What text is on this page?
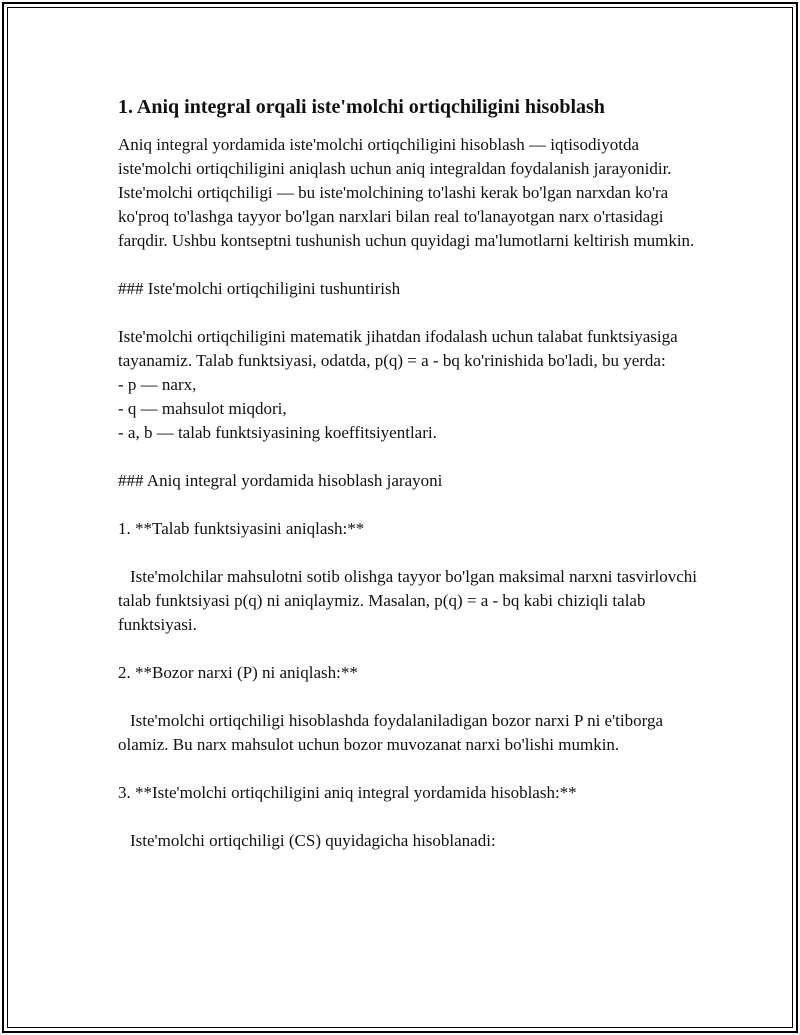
1. Aniq integral orqali iste'molchi ortiqchiligini hisoblash

Aniq integral yordamida iste'molchi ortiqchiligini hisoblash — iqtisodiyotda iste'molchi ortiqchiligini aniqlash uchun aniq integraldan foydalanish jarayonidir. Iste'molchi ortiqchiligi — bu iste'molchining to'lashi kerak bo'lgan narxdan ko'ra ko'proq to'lashga tayyor bo'lgan narxlari bilan real to'lanayotgan narx o'rtasidagi farqdir. Ushbu kontseptni tushunish uchun quyidagi ma'lumotlarni keltirish mumkin.

### Iste'molchi ortiqchiligini tushuntirish

Iste'molchi ortiqchiligini matematik jihatdan ifodalash uchun talabat funktsiyasiga tayanamiz. Talab funktsiyasi, odatda, p(q) = a - bq ko'rinishida bo'ladi, bu yerda:

- p — narx,

- q — mahsulot miqdori,

- a, b — talab funktsiyasining koeffitsiyentlari.

### Aniq integral yordamida hisoblash jarayoni

1. **Talab funktsiyasini aniqlash:**

Iste'molchilar mahsulotni sotib olishga tayyor bo'lgan maksimal narxni tasvirlovchi talab funktsiyasi p(q) ni aniqlaymiz. Masalan, p(q) = a - bq kabi chiziqli talab funktsiyasi.

2. **Bozor narxi (P) ni aniqlash:**

Iste'molchi ortiqchiligi hisoblashda foydalaniladigan bozor narxi P ni e'tiborga olamiz. Bu narx mahsulot uchun bozor muvozanat narxi bo'lishi mumkin.

3. **Iste'molchi ortiqchiligini aniq integral yordamida hisoblash:**

Iste'molchi ortiqchiligi (CS) quyidagicha hisoblanadi:
